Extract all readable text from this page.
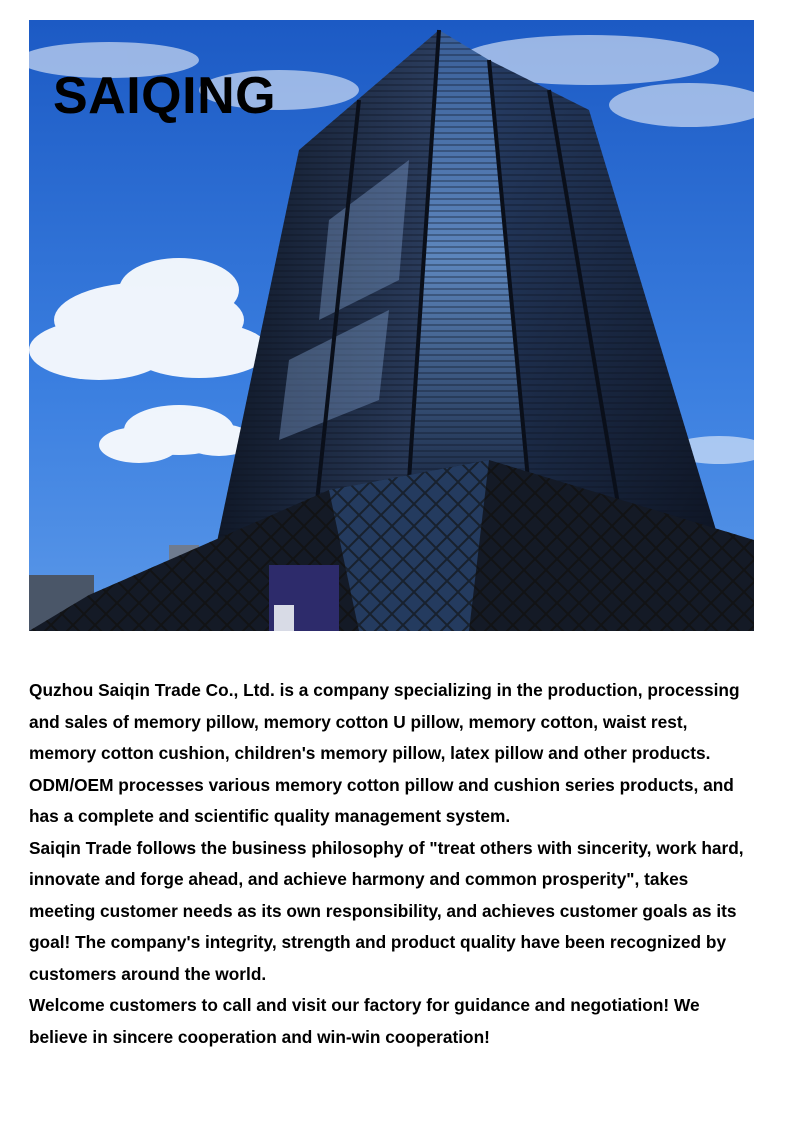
SAIQING

Quzhou Saiqin Trade Co., Ltd. is a company specializing in the production, processing and sales of memory pillow, memory cotton U pillow, memory cotton, waist rest, memory cotton cushion, children's memory pillow, latex pillow and other products. ODM/OEM processes various memory cotton pillow and cushion series products, and has a complete and scientific quality management system.

Saiqin Trade follows the business philosophy of "treat others with sincerity, work hard, innovate and forge ahead, and achieve harmony and common prosperity", takes meeting customer needs as its own responsibility, and achieves customer goals as its goal! The company's integrity, strength and product quality have been recognized by customers around the world.

Welcome customers to call and visit our factory for guidance and negotiation! We believe in sincere cooperation and win-win cooperation!
